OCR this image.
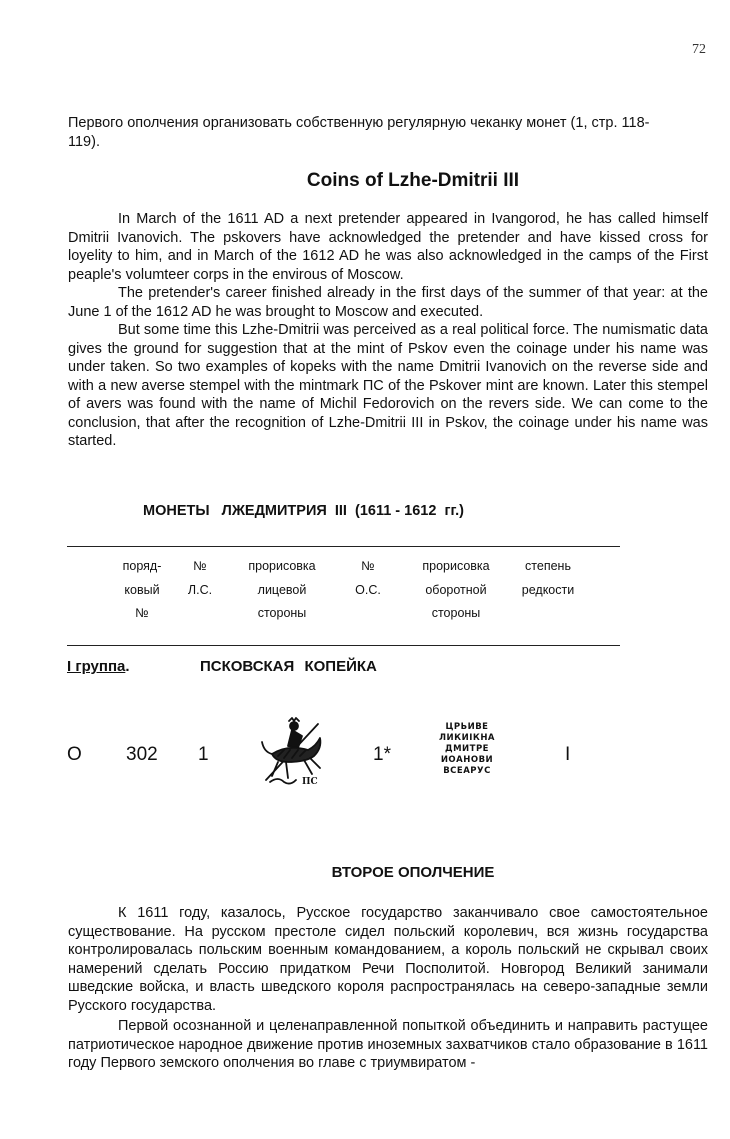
72

Первого ополчения организовать собственную регулярную чеканку монет (1, стр. 118-
119).

Coins of Lzhe-Dmitrii III

In March of the 1611 AD a next pretender appeared in Ivangorod, he has called himself Dmitrii Ivanovich. The pskovers have acknowledged the pretender and have kissed cross for loyelity to him, and in March of the 1612 AD he was also acknowledged in the camps of the First peaple's volumteer corps in the envirous of Moscow.

The pretender's career finished already in the first days of the summer of that year: at the June 1 of the 1612 AD he was brought to Moscow and executed.

But some time this Lzhe-Dmitrii was perceived as a real political force. The numismatic data gives the ground for suggestion that at the mint of Pskov even the coinage under his name was under taken. So two examples of kopeks with the name Dmitrii Ivanovich on the reverse side and with a new averse stempel with the mintmark ПС of the Pskover mint are known. Later this stempel of avers was found with the name of Michil Fedorovich on the revers side. We can come to the conclusion, that after the recognition of Lzhe-Dmitrii III in Pskov, the coinage under his name was started.

МОНЕТЫ   ЛЖЕДМИТРИЯ  III  (1611 - 1612  гг.)

поряд-
ковый
№

№
Л.С.

прорисовка
лицевой
стороны

№
О.С.

прорисовка
оборотной
стороны

степень
редкости

I группа.	ПСКОВСКАЯ КОПЕЙКА

О 302 1

ПС

1*

ЦРЬИВЕ
ЛИКИIКНА
ДМИТРЕ
ИОАНОВИ
ВСЕАРУС

I

ВТОРОЕ ОПОЛЧЕНИЕ

К 1611 году, казалось, Русское государство заканчивало свое самостоятельное существование. На русском престоле сидел польский королевич, вся жизнь государства контролировалась польским военным командованием, а король польский не скрывал своих намерений сделать Россию придатком Речи Посполитой. Новгород Великий занимали шведские войска, и власть шведского короля распространялась на северо-западные земли Русского государства.

Первой осознанной и целенаправленной попыткой объединить и направить растущее патриотическое народное движение против иноземных захватчиков стало образование в 1611 году Первого земского ополчения во главе с триумвиратом -
